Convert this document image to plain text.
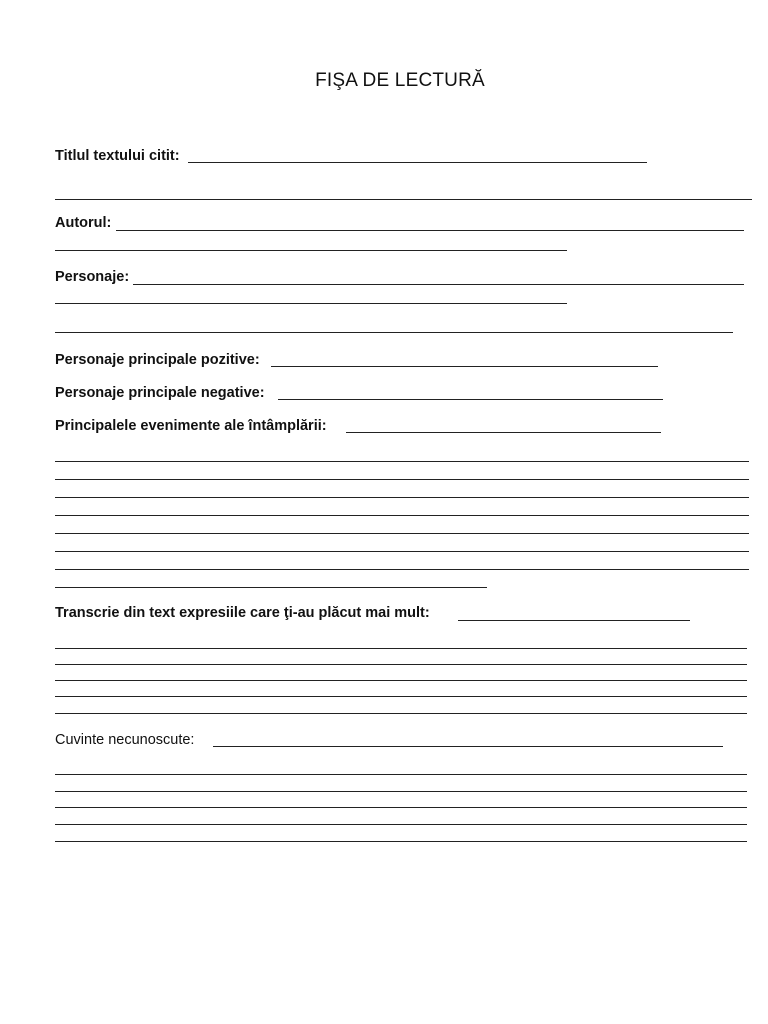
FIŞA DE LECTURĂ
Titlul textului citit:
Autorul:
Personaje:
Personaje principale pozitive:
Personaje principale negative:
Principalele evenimente ale întâmplării:
Transcrie din text expresiile care ţi-au plăcut mai mult:
Cuvinte necunoscute:
